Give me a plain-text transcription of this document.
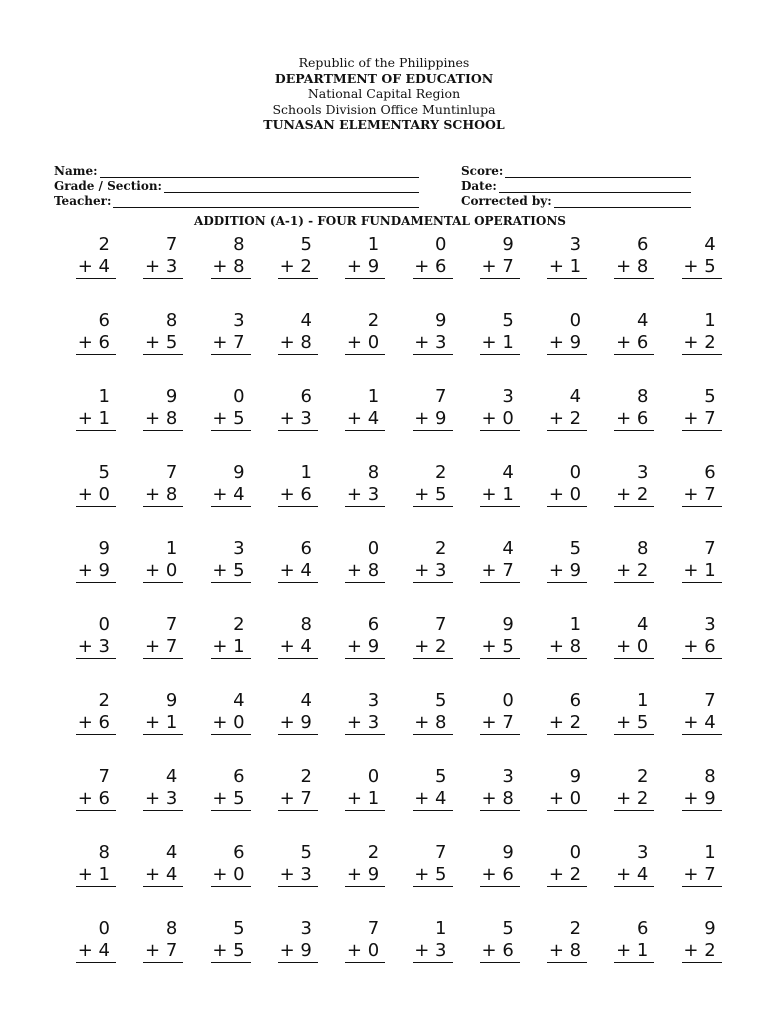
Republic of the Philippines
DEPARTMENT OF EDUCATION
National Capital Region
Schools Division Office Muntinlupa
TUNASAN ELEMENTARY SCHOOL
Name:
Grade / Section:
Teacher:
Score:
Date:
Corrected by:
ADDITION (A-1) - FOUR FUNDAMENTAL OPERATIONS
2
+ 4
7
+ 3
8
+ 8
5
+ 2
1
+ 9
0
+ 6
9
+ 7
3
+ 1
6
+ 8
4
+ 5
6
+ 6
8
+ 5
3
+ 7
4
+ 8
2
+ 0
9
+ 3
5
+ 1
0
+ 9
4
+ 6
1
+ 2
1
+ 1
9
+ 8
0
+ 5
6
+ 3
1
+ 4
7
+ 9
3
+ 0
4
+ 2
8
+ 6
5
+ 7
5
+ 0
7
+ 8
9
+ 4
1
+ 6
8
+ 3
2
+ 5
4
+ 1
0
+ 0
3
+ 2
6
+ 7
9
+ 9
1
+ 0
3
+ 5
6
+ 4
0
+ 8
2
+ 3
4
+ 7
5
+ 9
8
+ 2
7
+ 1
0
+ 3
7
+ 7
2
+ 1
8
+ 4
6
+ 9
7
+ 2
9
+ 5
1
+ 8
4
+ 0
3
+ 6
2
+ 6
9
+ 1
4
+ 0
4
+ 9
3
+ 3
5
+ 8
0
+ 7
6
+ 2
1
+ 5
7
+ 4
7
+ 6
4
+ 3
6
+ 5
2
+ 7
0
+ 1
5
+ 4
3
+ 8
9
+ 0
2
+ 2
8
+ 9
8
+ 1
4
+ 4
6
+ 0
5
+ 3
2
+ 9
7
+ 5
9
+ 6
0
+ 2
3
+ 4
1
+ 7
0
+ 4
8
+ 7
5
+ 5
3
+ 9
7
+ 0
1
+ 3
5
+ 6
2
+ 8
6
+ 1
9
+ 2
